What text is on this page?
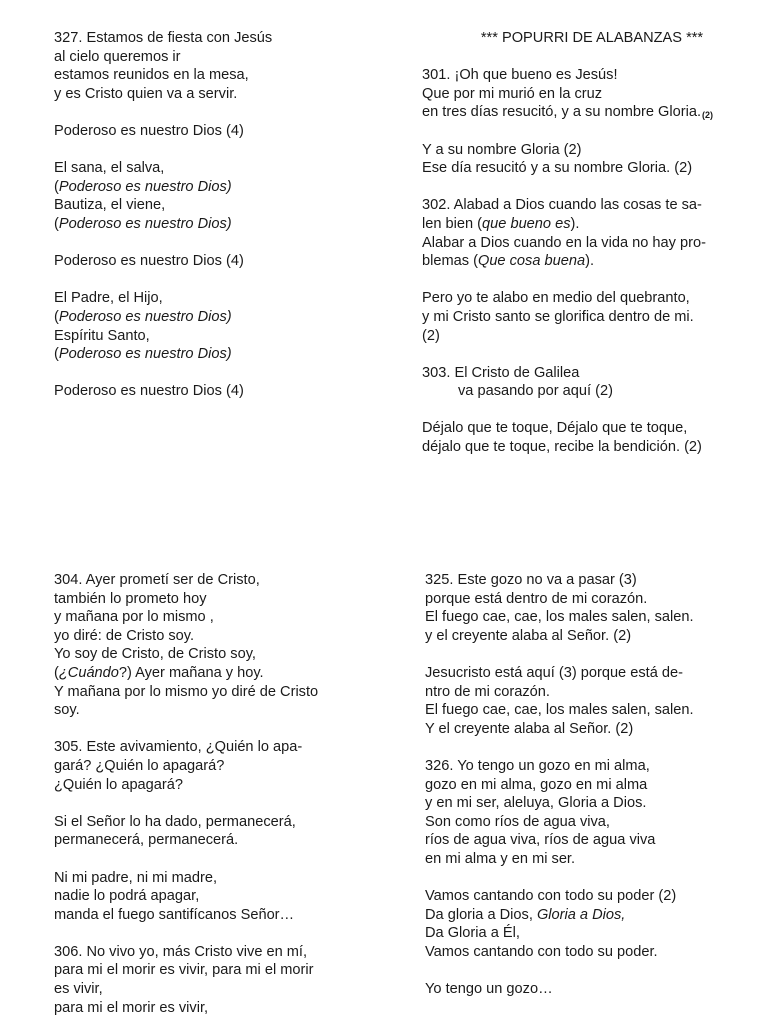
327. Estamos de fiesta con Jesús
al cielo queremos ir
estamos reunidos en la mesa,
y es Cristo quien va a servir.
Poderoso es nuestro Dios (4)
El sana, el salva,
(Poderoso es nuestro Dios)
Bautiza, el viene,
(Poderoso es nuestro Dios)
Poderoso es nuestro Dios (4)
El Padre, el Hijo,
(Poderoso es nuestro Dios)
Espíritu Santo,
(Poderoso es nuestro Dios)
Poderoso es nuestro Dios (4)
*** POPURRI DE ALABANZAS ***
301. ¡Oh que bueno es Jesús!
Que por mi murió en la cruz
en tres días resucitó, y a su nombre $Gloria._{(2)}$
Y a su nombre Gloria (2)
Ese día resucitó y a su nombre Gloria. (2)
302. Alabad a Dios cuando las cosas te sa-
len bien (que bueno es).
Alabar a Dios cuando en la vida no hay pro-
blemas (Que cosa buena).
Pero yo te alabo en medio del quebranto,
y mi Cristo santo se glorifica dentro de mi.
(2)
303. El Cristo de Galilea
va pasando por aquí (2)
Déjalo que te toque, Déjalo que te toque,
déjalo que te toque, recibe la bendición. (2)
304. Ayer prometí ser de Cristo,
también lo prometo hoy
y mañana por lo mismo ,
yo diré: de Cristo soy.
Yo soy de Cristo, de Cristo soy,
(¿Cuándo?) Ayer mañana y hoy.
Y mañana por lo mismo yo diré de Cristo
soy.
305. Este avivamiento, ¿Quién lo apa-
gará? ¿Quién lo apagará?
¿Quién lo apagará?
Si el Señor lo ha dado, permanecerá,
permanecerá, permanecerá.
Ni mi padre, ni mi madre,
nadie lo podrá apagar,
manda el fuego santifícanos Señor…
306. No vivo yo, más Cristo vive en mí,
para mi el morir es vivir, para mi el morir
es vivir,
para mi el morir es vivir,
325. Este gozo no va a pasar (3)
porque está dentro de mi corazón.
El fuego cae, cae, los males salen, salen.
y el creyente alaba al Señor. (2)
Jesucristo está aquí (3) porque está de-
ntro de mi corazón.
El fuego cae, cae, los males salen, salen.
Y el creyente alaba al Señor. (2)
326. Yo tengo un gozo en mi alma,
gozo en mi alma, gozo en mi alma
y en mi ser, aleluya, Gloria a Dios.
Son como ríos de agua viva,
ríos de agua viva, ríos de agua viva
en mi alma y en mi ser.
Vamos cantando con todo su poder (2)
Da gloria a Dios, Gloria a Dios,
Da Gloria a Él,
Vamos cantando con todo su poder.
Yo tengo un gozo…
